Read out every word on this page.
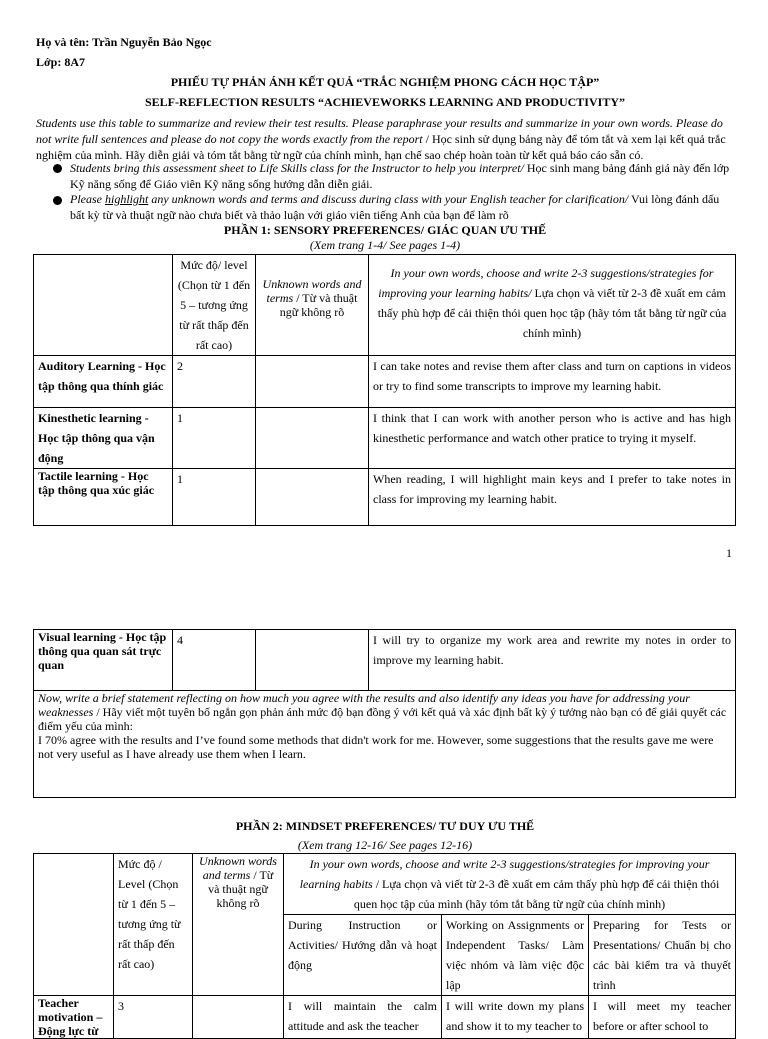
Họ và tên: Trần Nguyễn Bảo Ngọc
Lớp: 8A7
PHIẾU TỰ PHẢN ÁNH KẾT QUẢ “TRẮC NGHIỆM PHONG CÁCH HỌC TẬP”
SELF-REFLECTION RESULTS “ACHIEVEWORKS LEARNING AND PRODUCTIVITY”
Students use this table to summarize and review their test results. Please paraphrase your results and summarize in your own words. Please do not write full sentences and please do not copy the words exactly from the report / Học sinh sử dụng bảng này để tóm tắt và xem lại kết quả trắc nghiệm của mình. Hãy diễn giải và tóm tắt bằng từ ngữ của chính mình, hạn chế sao chép hoàn toàn từ kết quả báo cáo sẵn có.
Students bring this assessment sheet to Life Skills class for the Instructor to help you interpret/ Học sinh mang bảng đánh giá này đến lớp Kỹ năng sống để Giáo viên Kỹ năng sống hướng dẫn diễn giải.
Please highlight any unknown words and terms and discuss during class with your English teacher for clarification/ Vui lòng đánh dấu bất kỳ từ và thuật ngữ nào chưa biết và thảo luận với giáo viên tiếng Anh của bạn để làm rõ
PHẦN 1: SENSORY PREFERENCES/ GIÁC QUAN ƯU THẾ
(Xem trang 1-4/ See pages 1-4)
	Mức độ/ level (Chọn từ 1 đến 5 – tương ứng từ rất thấp đến rất cao)	Unknown words and terms / Từ và thuật ngữ không rõ	In your own words, choose and write 2-3 suggestions/strategies for improving your learning habits/ Lựa chọn và viết từ 2-3 đề xuất em cảm thấy phù hợp để cải thiện thói quen học tập (hãy tóm tắt bằng từ ngữ của chính mình)
Auditory Learning - Học tập thông qua thính giác	2		I can take notes and revise them after class and turn on captions in videos or try to find some transcripts to improve my learning habit.
Kinesthetic learning - Học tập thông qua vận động	1		I think that I can work with another person who is active and has high kinesthetic performance and watch other pratice to trying it myself.
Tactile learning - Học tập thông qua xúc giác	1		When reading, I will highlight main keys and I prefer to take notes in class for improving my learning habit.
1
Visual learning - Học tập thông qua quan sát trực quan	4		I will try to organize my work area and rewrite my notes in order to improve my learning habit.
Now, write a brief statement reflecting on how much you agree with the results and also identify any ideas you have for addressing your weaknesses / Hãy viết một tuyên bố ngắn gọn phản ánh mức độ bạn đồng ý với kết quả và xác định bất kỳ ý tưởng nào bạn có để giải quyết các điểm yếu của mình:
I 70% agree with the results and I’ve found some methods that didn't work for me. However, some suggestions that the results gave me were not very useful as I have already use them when I learn.
PHẦN 2: MINDSET PREFERENCES/ TƯ DUY ƯU THẾ
(Xem trang 12-16/ See pages 12-16)
	Mức độ / Level (Chọn từ 1 đến 5 – tương ứng từ rất thấp đến rất cao)	Unknown words and terms / Từ và thuật ngữ không rõ	In your own words, choose and write 2-3 suggestions/strategies for improving your learning habits / Lựa chọn và viết từ 2-3 đề xuất em cảm thấy phù hợp để cải thiện thói quen học tập của mình (hãy tóm tắt bằng từ ngữ của chính mình)		
			During Instruction or Activities/ Hướng dẫn và hoạt động	Working on Assignments or Independent Tasks/ Làm việc nhóm và làm việc độc lập	Preparing for Tests or Presentations/ Chuẩn bị cho các bài kiểm tra và thuyết trình
Teacher motivation – Động lực từ	3		I will maintain the calm attitude and ask the teacher	I will write down my plans and show it to my teacher to	I will meet my teacher before or after school to
